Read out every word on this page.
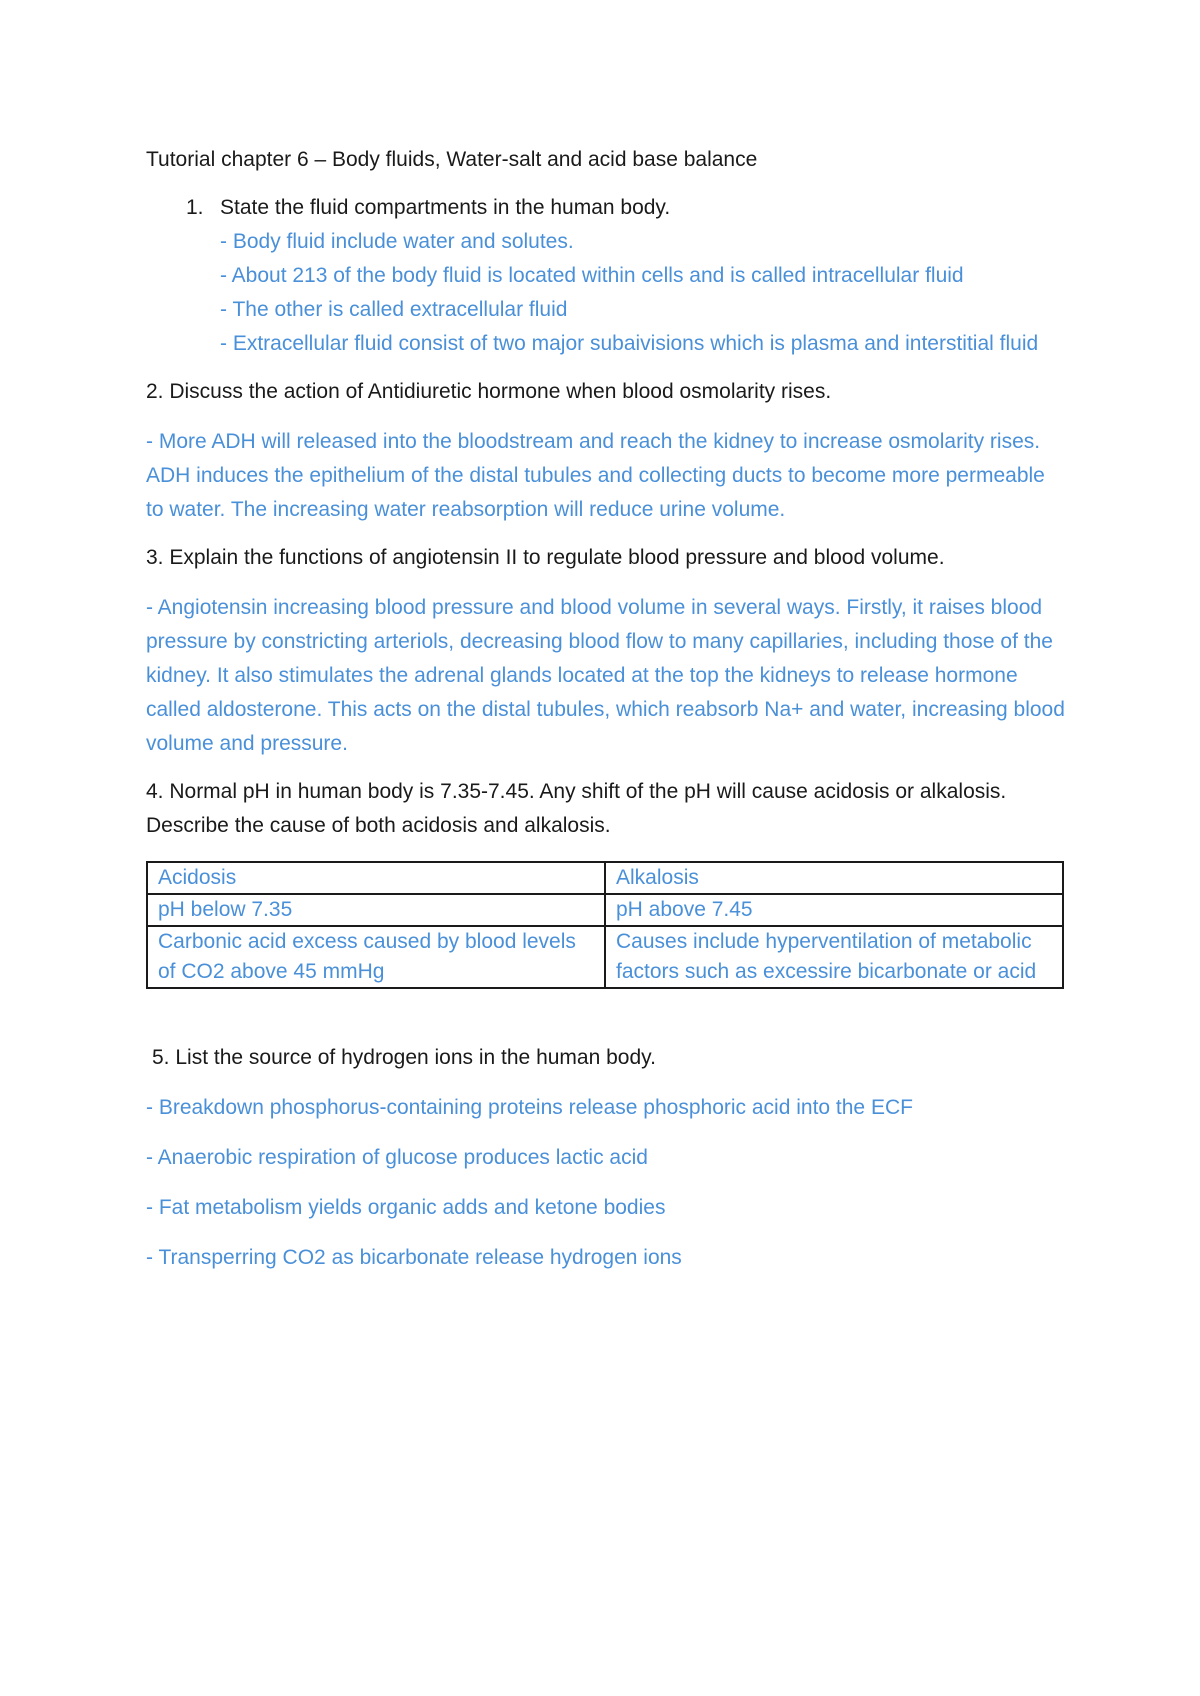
Tutorial chapter 6 – Body fluids, Water-salt and acid base balance
1. State the fluid compartments in the human body.
- Body fluid include water and solutes.
- About 213 of the body fluid is located within cells and is called intracellular fluid
- The other is called extracellular fluid
- Extracellular fluid consist of two major subaivisions which is plasma and interstitial fluid
2. Discuss the action of Antidiuretic hormone when blood osmolarity rises.
- More ADH will released into the bloodstream and reach the kidney to increase osmolarity rises. ADH induces the epithelium of the distal tubules and collecting ducts to become more permeable to water. The increasing water reabsorption will reduce urine volume.
3. Explain the functions of angiotensin II to regulate blood pressure and blood volume.
- Angiotensin increasing blood pressure and blood volume in several ways. Firstly, it raises blood pressure by constricting arteriols, decreasing blood flow to many capillaries, including those of the kidney. It also stimulates the adrenal glands located at the top the kidneys to release hormone called aldosterone. This acts on the distal tubules, which reabsorb Na+ and water, increasing blood volume and pressure.
4. Normal pH in human body is 7.35-7.45. Any shift of the pH will cause acidosis or alkalosis. Describe the cause of both acidosis and alkalosis.
Acidosis	Alkalosis
pH below 7.35	pH above 7.45
Carbonic acid excess caused by blood levels of CO2 above 45 mmHg	Causes include hyperventilation of metabolic factors such as excessire bicarbonate or acid
5. List the source of hydrogen ions in the human body.
- Breakdown phosphorus-containing proteins release phosphoric acid into the ECF
- Anaerobic respiration of glucose produces lactic acid
- Fat metabolism yields organic adds and ketone bodies
- Transperring CO2 as bicarbonate release hydrogen ions
